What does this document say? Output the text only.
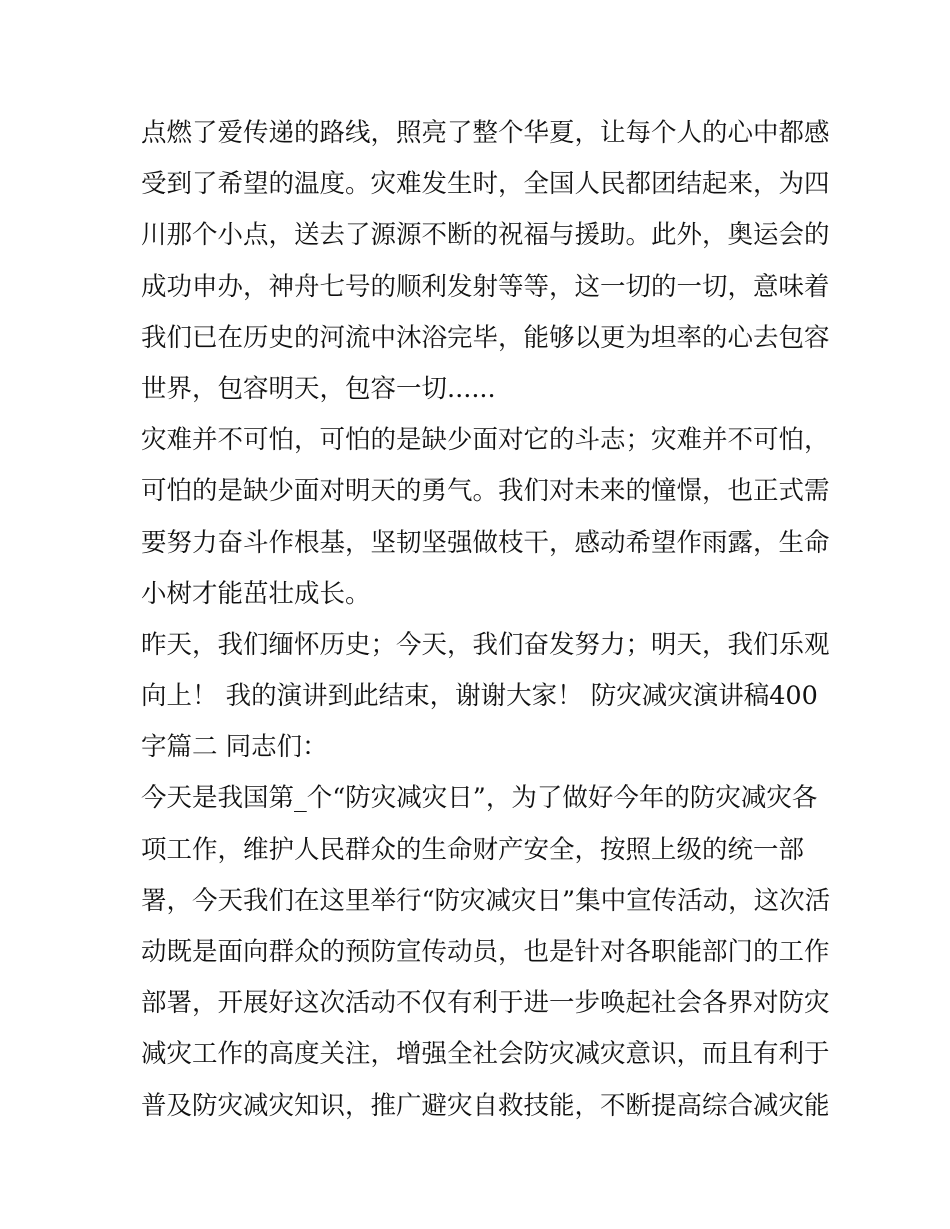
点燃了爱传递的路线，照亮了整个华夏，让每个人的心中都感
受到了希望的温度。灾难发生时，全国人民都团结起来，为四
川那个小点，送去了源源不断的祝福与援助。此外，奥运会的
成功申办，神舟七号的顺利发射等等，这一切的一切，意味着
我们已在历史的河流中沐浴完毕，能够以更为坦率的心去包容
世界，包容明天，包容一切......
灾难并不可怕，可怕的是缺少面对它的斗志；灾难并不可怕，
可怕的是缺少面对明天的勇气。我们对未来的憧憬，也正式需
要努力奋斗作根基，坚韧坚强做枝干，感动希望作雨露，生命
小树才能茁壮成长。
昨天，我们缅怀历史；今天，我们奋发努力；明天，我们乐观
向上！ 我的演讲到此结束，谢谢大家！ 防灾减灾演讲稿400
字篇二 同志们：
今天是我国第_个“防灾减灾日”，为了做好今年的防灾减灾各
项工作，维护人民群众的生命财产安全，按照上级的统一部
署，今天我们在这里举行“防灾减灾日”集中宣传活动，这次活
动既是面向群众的预防宣传动员，也是针对各职能部门的工作
部署，开展好这次活动不仅有利于进一步唤起社会各界对防灾
减灾工作的高度关注，增强全社会防灾减灾意识，而且有利于
普及防灾减灾知识，推广避灾自救技能，不断提高综合减灾能
